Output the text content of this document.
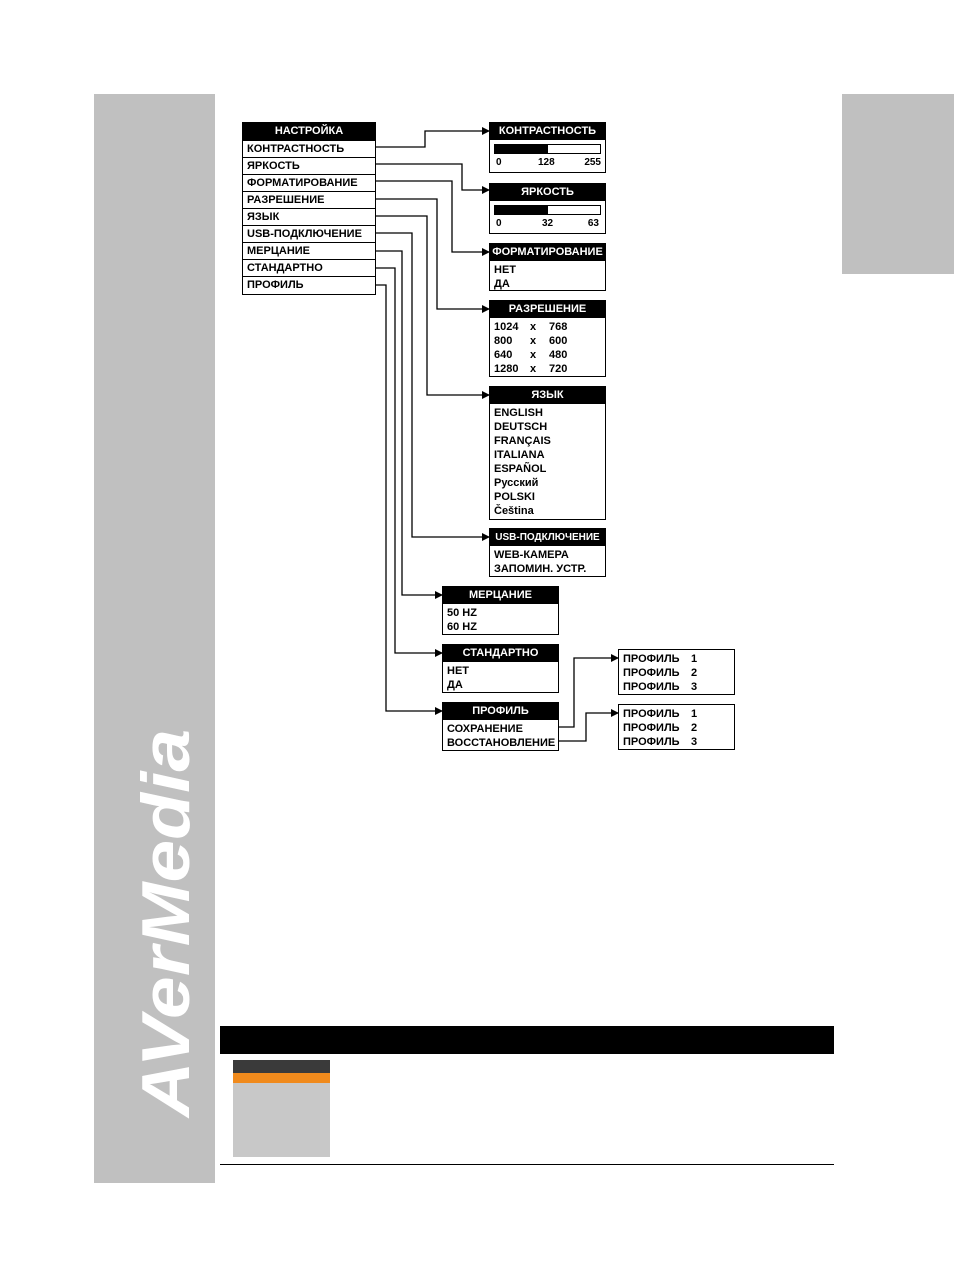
AVerMedia
НАСТРОЙКА
КОНТРАСТНОСТЬ
ЯРКОСТЬ
ФОРМАТИРОВАНИЕ
РАЗРЕШЕНИЕ
ЯЗЫК
USB-ПОДКЛЮЧЕНИЕ
МЕРЦАНИЕ
СТАНДАРТНО
ПРОФИЛЬ
КОНТРАСТНОСТЬ
0	128	255
ЯРКОСТЬ
0	32	63
ФОРМАТИРОВАНИЕ
НЕТ
ДА
РАЗРЕШЕНИЕ
1024 x 768
800 x 600
640 x 480
1280 x 720
ЯЗЫК
ENGLISH
DEUTSCH
FRANÇAIS
ITALIANA
ESPAÑOL
Русский
POLSKI
Čeština
USB-ПОДКЛЮЧЕНИЕ
WEB-КАМЕРА
ЗАПОМИН. УСТР.
МЕРЦАНИЕ
50 HZ
60 HZ
СТАНДАРТНО
НЕТ
ДА
ПРОФИЛЬ
СОХРАНЕНИЕ
ВОССТАНОВЛЕНИЕ
ПРОФИЛЬ 1
ПРОФИЛЬ 2
ПРОФИЛЬ 3
ПРОФИЛЬ 1
ПРОФИЛЬ 2
ПРОФИЛЬ 3
